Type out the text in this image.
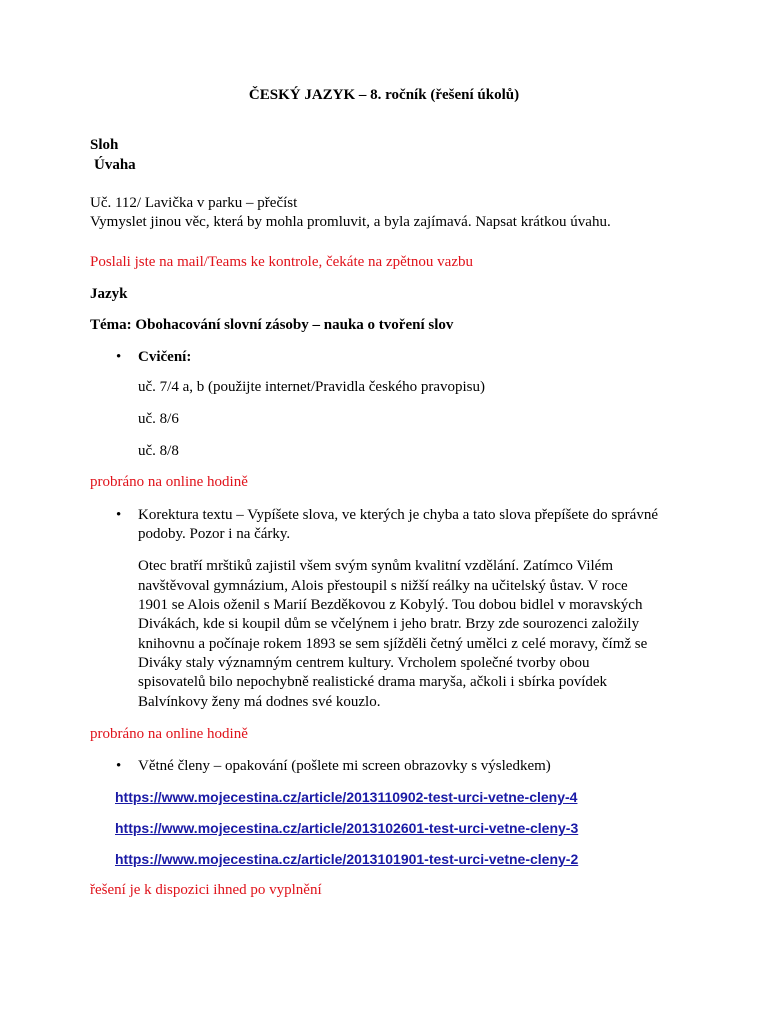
ČESKÝ JAZYK – 8. ročník (řešení úkolů)
Sloh
Úvaha
Uč. 112/ Lavička v parku – přečíst
Vymyslet jinou věc, která by mohla promluvit, a byla zajímavá. Napsat krátkou úvahu.
Poslali jste na mail/Teams ke kontrole, čekáte na zpětnou vazbu
Jazyk
Téma: Obohacování slovní zásoby – nauka o tvoření slov
• Cvičení:
uč. 7/4 a, b (použijte internet/Pravidla českého pravopisu)
uč. 8/6
uč. 8/8
probráno na online hodině
• Korektura textu – Vypíšete slova, ve kterých je chyba a tato slova přepíšete do správné
podoby. Pozor i na čárky.
Otec bratří mrštiků zajistil všem svým synům kvalitní vzdělání. Zatímco Vilém
navštěvoval gymnázium, Alois přestoupil s nižší reálky na učitelský ůstav. V roce
1901 se Alois oženil s Marií Bezděkovou z Kobylý. Tou dobou bidlel v moravských
Divákách, kde si koupil dům se včelýnem i jeho bratr. Brzy zde sourozenci založily
knihovnu a počínaje rokem 1893 se sem sjížděli četný umělci z celé moravy, čímž se
Diváky staly významným centrem kultury. Vrcholem společné tvorby obou
spisovatelů bilo nepochybně realistické drama maryša, ačkoli i sbírka povídek
Balvínkovy ženy má dodnes své kouzlo.
probráno na online hodině
• Větné členy – opakování (pošlete mi screen obrazovky s výsledkem)
https://www.mojecestina.cz/article/2013110902-test-urci-vetne-cleny-4
https://www.mojecestina.cz/article/2013102601-test-urci-vetne-cleny-3
https://www.mojecestina.cz/article/2013101901-test-urci-vetne-cleny-2
řešení je k dispozici ihned po vyplnění
